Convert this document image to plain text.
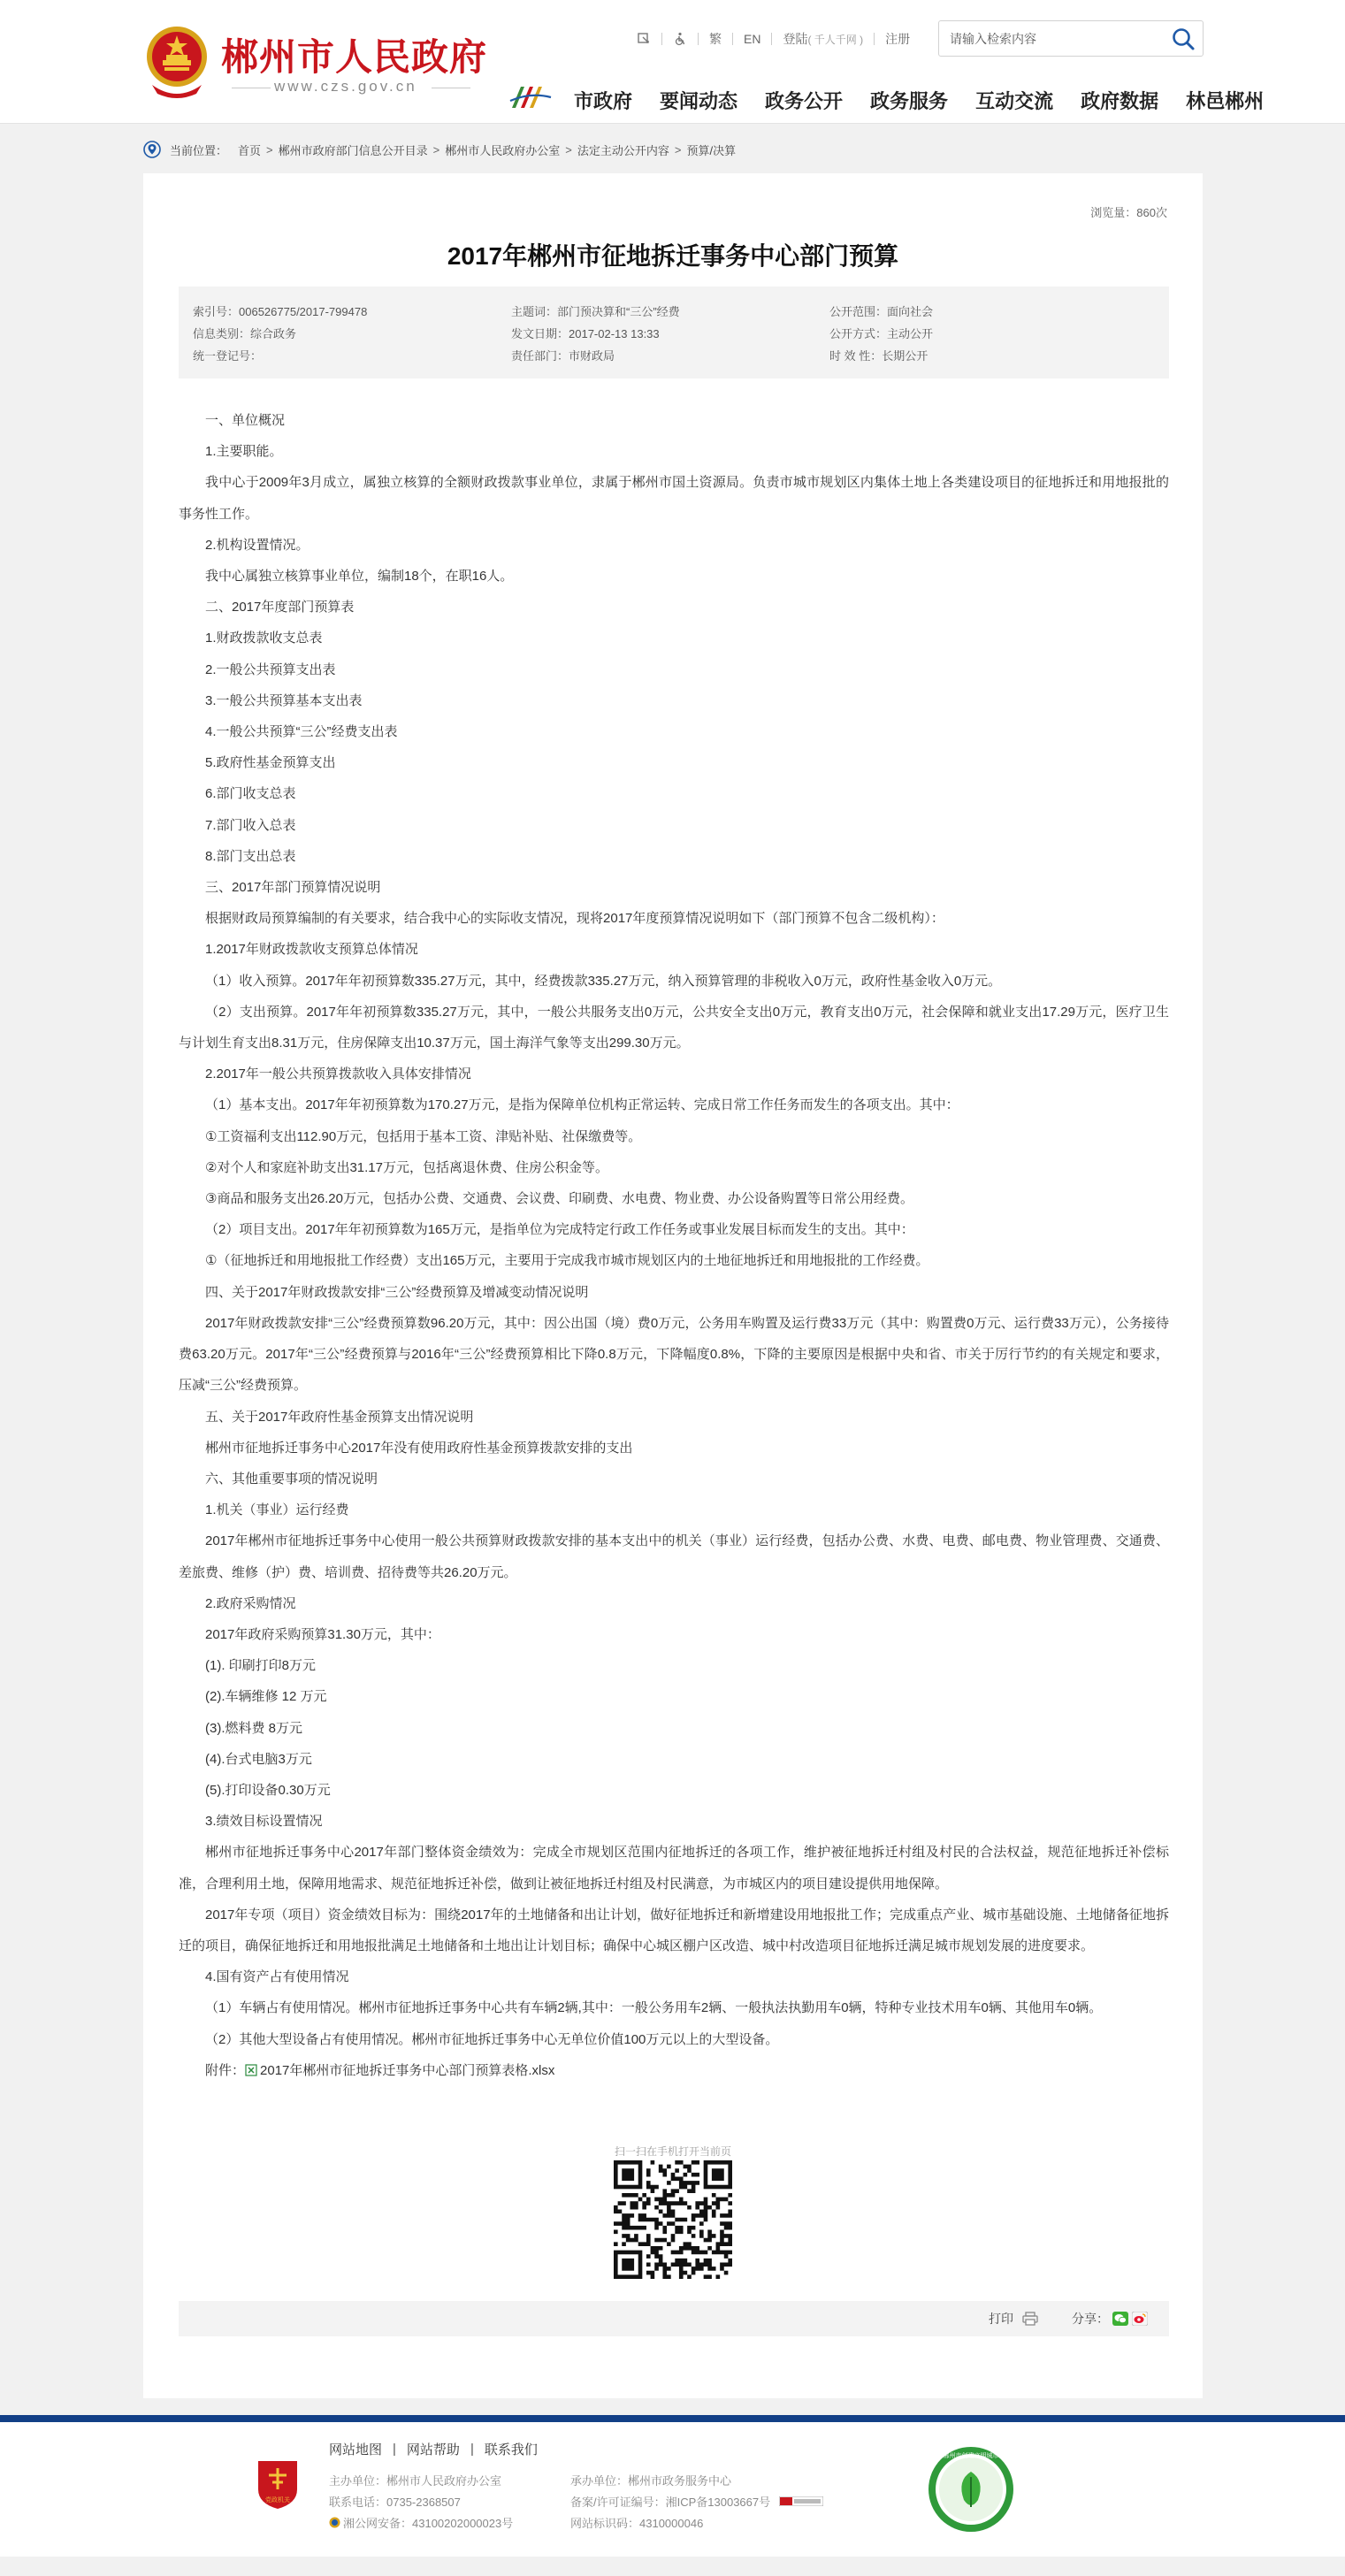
郴州市人民政府
www.czs.gov.cn
繁 EN 登陆 ( 千人千网 ) 注册
请输入检索内容
市政府 要闻动态 政务公开 政务服务 互动交流 政府数据 林邑郴州
当前位置： 首页 > 郴州市政府部门信息公开目录 > 郴州市人民政府办公室 > 法定主动公开内容 > 预算/决算
浏览量：860次
2017年郴州市征地拆迁事务中心部门预算
索引号：006526775/2017-799478
信息类别：综合政务
统一登记号：
主题词：部门预决算和“三公”经费
发文日期：2017-02-13 13:33
责任部门：市财政局
公开范围：面向社会
公开方式：主动公开
时 效 性：长期公开

一、单位概况

1.主要职能。

我中心于2009年3月成立，属独立核算的全额财政拨款事业单位，隶属于郴州市国土资源局。负责市城市规划区内集体土地上各类建设项目的征地拆迁和用地报批的事务性工作。

2.机构设置情况。

我中心属独立核算事业单位，编制18个，在职16人。

二、2017年度部门预算表

1.财政拨款收支总表

2.一般公共预算支出表

3.一般公共预算基本支出表

4.一般公共预算“三公”经费支出表

5.政府性基金预算支出

6.部门收支总表

7.部门收入总表

8.部门支出总表

三、2017年部门预算情况说明

根据财政局预算编制的有关要求，结合我中心的实际收支情况，现将2017年度预算情况说明如下（部门预算不包含二级机构）：

1.2017年财政拨款收支预算总体情况

（1）收入预算。2017年年初预算数335.27万元，其中，经费拨款335.27万元，纳入预算管理的非税收入0万元，政府性基金收入0万元。

（2）支出预算。2017年年初预算数335.27万元，其中，一般公共服务支出0万元，公共安全支出0万元，教育支出0万元，社会保障和就业支出17.29万元，医疗卫生与计划生育支出8.31万元，住房保障支出10.37万元，国土海洋气象等支出299.30万元。

2.2017年一般公共预算拨款收入具体安排情况

（1）基本支出。2017年年初预算数为170.27万元，是指为保障单位机构正常运转、完成日常工作任务而发生的各项支出。其中：

①工资福利支出112.90万元，包括用于基本工资、津贴补贴、社保缴费等。

②对个人和家庭补助支出31.17万元，包括离退休费、住房公积金等。

③商品和服务支出26.20万元，包括办公费、交通费、会议费、印刷费、水电费、物业费、办公设备购置等日常公用经费。

（2）项目支出。2017年年初预算数为165万元，是指单位为完成特定行政工作任务或事业发展目标而发生的支出。其中：

①（征地拆迁和用地报批工作经费）支出165万元，主要用于完成我市城市规划区内的土地征地拆迁和用地报批的工作经费。

四、关于2017年财政拨款安排“三公”经费预算及增减变动情况说明

2017年财政拨款安排“三公”经费预算数96.20万元，其中：因公出国（境）费0万元，公务用车购置及运行费33万元（其中：购置费0万元、运行费33万元），公务接待费63.20万元。2017年“三公”经费预算与2016年“三公”经费预算相比下降0.8万元，下降幅度0.8%，下降的主要原因是根据中央和省、市关于厉行节约的有关规定和要求，压减“三公”经费预算。

五、关于2017年政府性基金预算支出情况说明

郴州市征地拆迁事务中心2017年没有使用政府性基金预算拨款安排的支出

六、其他重要事项的情况说明

1.机关（事业）运行经费

2017年郴州市征地拆迁事务中心使用一般公共预算财政拨款安排的基本支出中的机关（事业）运行经费，包括办公费、水费、电费、邮电费、物业管理费、交通费、差旅费、维修（护）费、培训费、招待费等共26.20万元。

2.政府采购情况

2017年政府采购预算31.30万元，其中：

(1). 印刷打印8万元

(2).车辆维修 12 万元

(3).燃料费 8万元

(4).台式电脑3万元

(5).打印设备0.30万元

3.绩效目标设置情况

郴州市征地拆迁事务中心2017年部门整体资金绩效为：完成全市规划区范围内征地拆迁的各项工作，维护被征地拆迁村组及村民的合法权益，规范征地拆迁补偿标准，合理利用土地，保障用地需求、规范征地拆迁补偿，做到让被征地拆迁村组及村民满意，为市城区内的项目建设提供用地保障。

2017年专项（项目）资金绩效目标为：围绕2017年的土地储备和出让计划，做好征地拆迁和新增建设用地报批工作；完成重点产业、城市基础设施、土地储备征地拆迁的项目，确保征地拆迁和用地报批满足土地储备和土地出让计划目标；确保中心城区棚户区改造、城中村改造项目征地拆迁满足城市规划发展的进度要求。

4.国有资产占有使用情况

（1）车辆占有使用情况。郴州市征地拆迁事务中心共有车辆2辆,其中：一般公务用车2辆、一般执法执勤用车0辆，特种专业技术用车0辆、其他用车0辆。

（2）其他大型设备占有使用情况。郴州市征地拆迁事务中心无单位价值100万元以上的大型设备。

附件： 2017年郴州市征地拆迁事务中心部门预算表格.xlsx
扫一扫在手机打开当前页
打印	分享：
网站地图 | 网站帮助 | 联系我们
党政机关
主办单位：郴州市人民政府办公室
联系电话：0735-2368507
湘公网安备：43100202000023号
承办单位：郴州市政务服务中心
备案/许可证编号：湘ICP备13003667号
网站标识码：4310000046
郴州市创建文明城市
